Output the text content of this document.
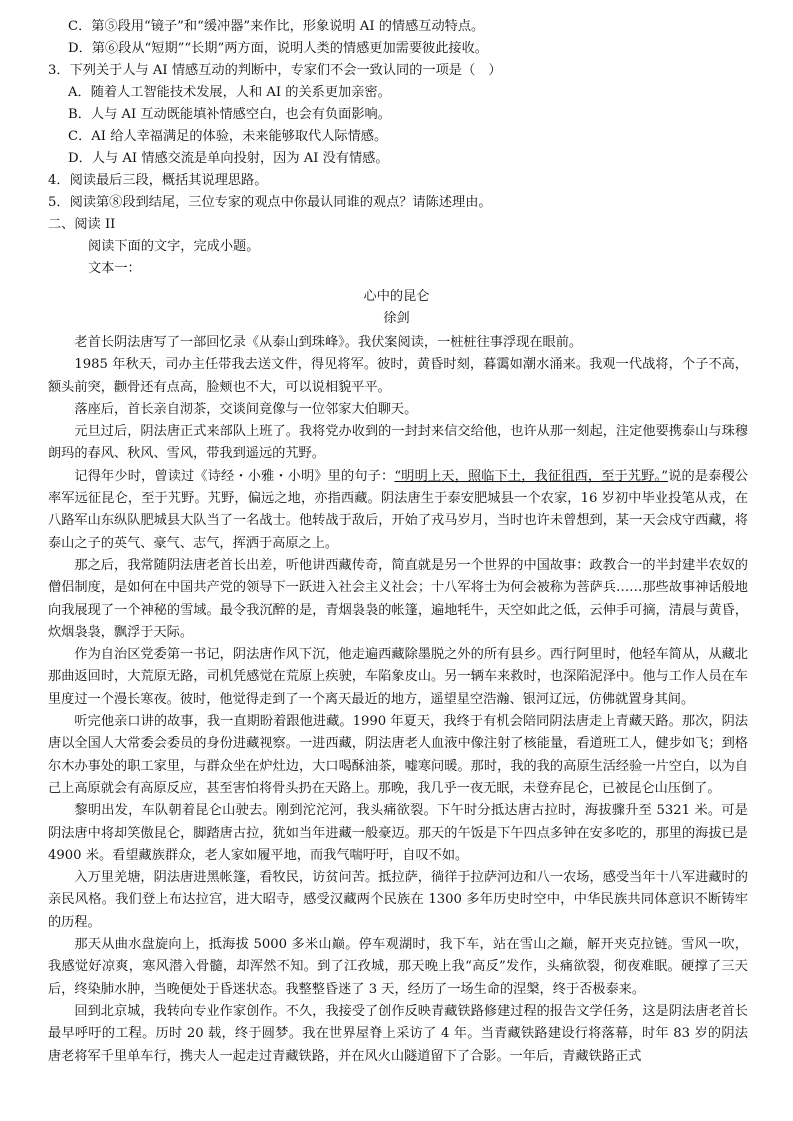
C．第⑤段用“镜子”和“缓冲器”来作比，形象说明 AI 的情感互动特点。
D．第⑥段从“短期”“长期”两方面，说明人类的情感更加需要彼此接收。
3．下列关于人与 AI 情感互动的判断中，专家们不会一致认同的一项是（　）
A．随着人工智能技术发展，人和 AI 的关系更加亲密。
B．人与 AI 互动既能填补情感空白，也会有负面影响。
C．AI 给人幸福满足的体验，未来能够取代人际情感。
D．人与 AI 情感交流是单向投射，因为 AI 没有情感。
4．阅读最后三段，概括其说理思路。
5．阅读第⑧段到结尾，三位专家的观点中你最认同谁的观点？请陈述理由。
二、阅读 II
阅读下面的文字，完成小题。
文本一：
心中的昆仑
徐剑

老首长阴法唐写了一部回忆录《从泰山到珠峰》。我伏案阅读，一桩桩往事浮现在眼前。

1985 年秋天，司办主任带我去送文件，得见将军。彼时，黄昏时刻，暮霭如潮水涌来。我观一代战将，个子不高，额头前突，颧骨还有点高，脸颊也不大，可以说相貌平平。

落座后，首长亲自沏茶，交谈间竟像与一位邻家大伯聊天。

元旦过后，阴法唐正式来部队上班了。我将党办收到的一封封来信交给他，也许从那一刻起，注定他要携泰山与珠穆朗玛的春风、秋风、雪风，带我到遥远的艽野。

记得年少时，曾读过《诗经・小雅・小明》里的句子：“明明上天，照临下土，我征徂西，至于艽野。”说的是泰稷公率军远征昆仑，至于艽野。艽野，偏远之地，亦指西藏。阴法唐生于泰安肥城县一个农家，16 岁初中毕业投笔从戎，在八路军山东纵队肥城县大队当了一名战士。他转战于敌后，开始了戎马岁月，当时也许未曾想到，某一天会戍守西藏，将泰山之子的英气、豪气、志气，挥洒于高原之上。

那之后，我常随阴法唐老首长出差，听他讲西藏传奇，简直就是另一个世界的中国故事：政教合一的半封建半农奴的僧侣制度，是如何在中国共产党的领导下一跃进入社会主义社会；十八军将士为何会被称为菩萨兵……那些故事神话般地向我展现了一个神秘的雪域。最令我沉醉的是，青烟袅袅的帐篷，遍地牦牛，天空如此之低，云伸手可摘，清晨与黄昏，炊烟袅袅，飘浮于天际。

作为自治区党委第一书记，阴法唐作风下沉，他走遍西藏除墨脱之外的所有县乡。西行阿里时，他轻车简从，从藏北那曲返回时，大荒原无路，司机凭感觉在荒原上疾驶，车陷象皮山。另一辆车来救时，也深陷泥泽中。他与工作人员在车里度过一个漫长寒夜。彼时，他觉得走到了一个离天最近的地方，遥望星空浩瀚、银河辽远，仿佛就置身其间。

听完他亲口讲的故事，我一直期盼着跟他进藏。1990 年夏天，我终于有机会陪同阴法唐走上青藏天路。那次，阴法唐以全国人大常委会委员的身份进藏视察。一进西藏，阴法唐老人血液中像注射了核能量，看道班工人，健步如飞；到格尔木办事处的职工家里，与群众坐在炉灶边，大口喝酥油茶，嘘寒问暖。那时，我的我的高原生活经验一片空白，以为自己上高原就会有高原反应，甚至害怕将骨头扔在天路上。那晚，我几乎一夜无眠，未登弃昆仑，已被昆仑山压倒了。

黎明出发，车队朝着昆仑山驶去。刚到沱沱河，我头痛欲裂。下午时分抵达唐古拉时，海拔骤升至 5321 米。可是阴法唐中将却笑傲昆仑，脚踏唐古拉，犹如当年进藏一般豪迈。那天的午饭是下午四点多钟在安多吃的，那里的海拔已是 4900 米。看望藏族群众，老人家如履平地，而我气喘吁吁，自叹不如。

入万里羌塘，阴法唐进黑帐篷，看牧民，访贫问苦。抵拉萨，徜徉于拉萨河边和八一农场，感受当年十八军进藏时的亲民风格。我们登上布达拉宫，进大昭寺，感受汉藏两个民族在 1300 多年历史时空中，中华民族共同体意识不断铸牢的历程。

那天从曲水盘旋向上，抵海拔 5000 多米山巅。停车观湖时，我下车，站在雪山之巅，解开夹克拉链。雪风一吹，我感觉好凉爽，寒风潜入骨髓，却浑然不知。到了江孜城，那天晚上我“高反”发作，头痛欲裂，彻夜难眠。硬撑了三天后，终染肺水肿，当晚便处于昏迷状态。我整整昏迷了 3 天，经历了一场生命的涅槃，终于否极泰来。

回到北京城，我转向专业作家创作。不久，我接受了创作反映青藏铁路修建过程的报告文学任务，这是阴法唐老首长最早呼吁的工程。历时 20 载，终于圆梦。我在世界屋脊上采访了 4 年。当青藏铁路建设行将落幕，时年 83 岁的阴法唐老将军千里单车行，携夫人一起走过青藏铁路，并在风火山隧道留下了合影。一年后，青藏铁路正式
